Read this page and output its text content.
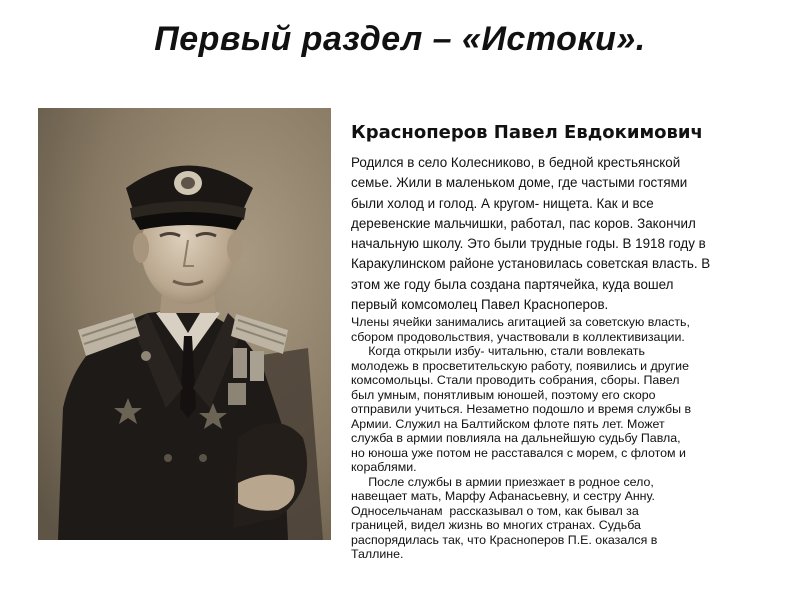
Первый раздел – «Истоки».
Красноперов Павел Евдокимович
Родился в село Колесниково, в бедной крестьянской
семье. Жили в маленьком доме, где частыми гостями
были холод и голод. А кругом- нищета. Как и все
деревенские мальчишки, работал, пас коров. Закончил
начальную школу. Это были трудные годы. В 1918 году в
Каракулинском районе установилась советская власть. В
этом же году была создана партячейка, куда вошел
первый комсомолец Павел Красноперов.
Члены ячейки занимались агитацией за советскую власть,
сбором продовольствия, участвовали в коллективизации.
Когда открыли избу- читальню, стали вовлекать
молодежь в просветительскую работу, появились и другие
комсомольцы. Стали проводить собрания, сборы. Павел
был умным, понятливым юношей, поэтому его скоро
отправили учиться. Незаметно подошло и время службы в
Армии. Служил на Балтийском флоте пять лет. Может
служба в армии повлияла на дальнейшую судьбу Павла,
но юноша уже потом не расставался с морем, с флотом и
кораблями.
После службы в армии приезжает в родное село,
навещает мать, Марфу Афанасьевну, и сестру Анну.
Односельчанам  рассказывал о том, как бывал за
границей, видел жизнь во многих странах. Судьба
распорядилась так, что Красноперов П.Е. оказался в
Таллине.
